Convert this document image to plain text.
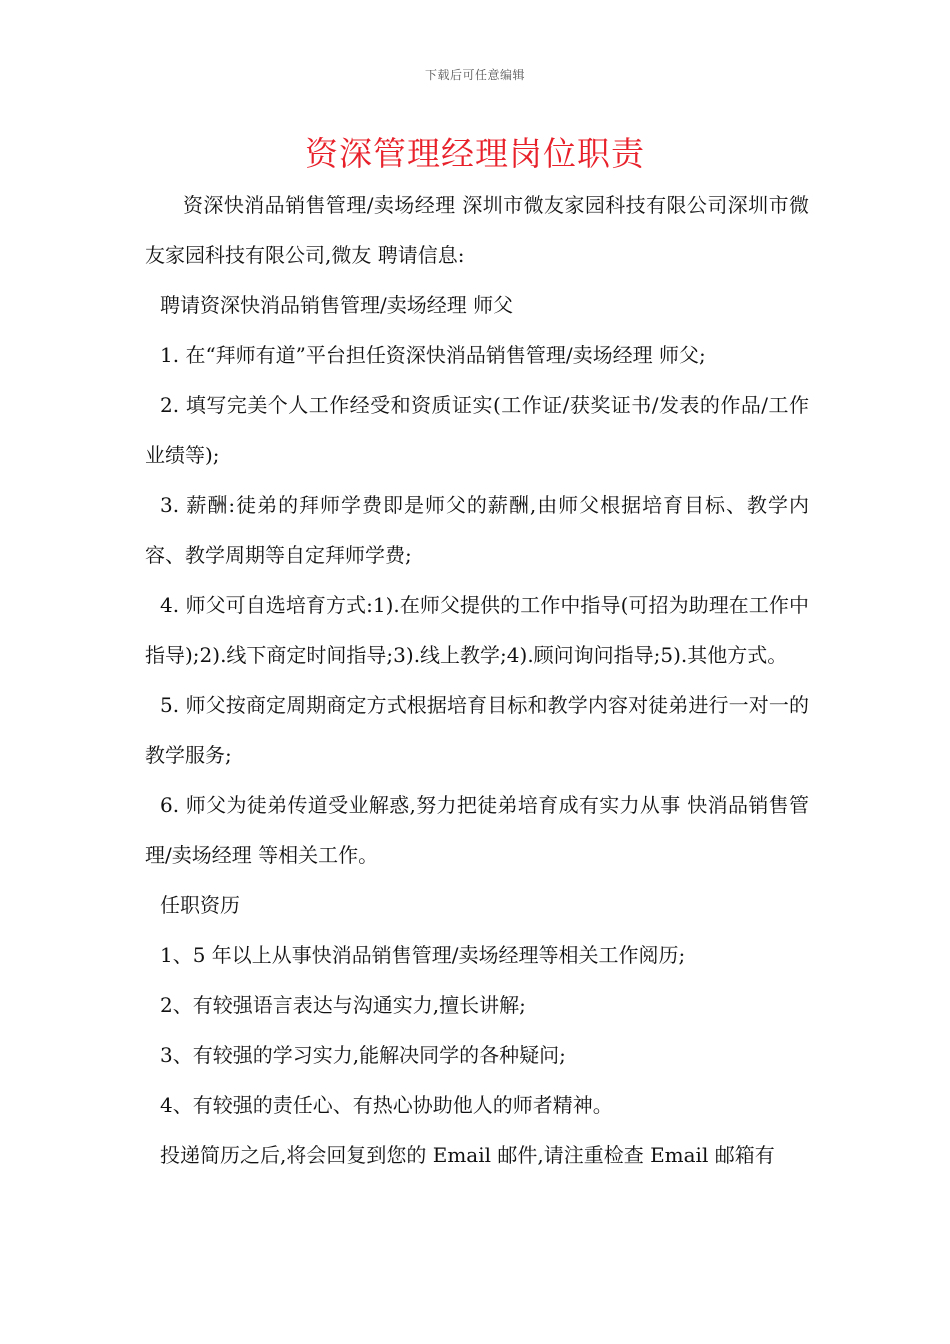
下载后可任意编辑
资深管理经理岗位职责

资深快消品销售管理/卖场经理 深圳市微友家园科技有限公司深圳市微友家园科技有限公司,微友 聘请信息:

聘请资深快消品销售管理/卖场经理 师父

1. 在“拜师有道”平台担任资深快消品销售管理/卖场经理 师父;

2. 填写完美个人工作经受和资质证实(工作证/获奖证书/发表的作品/工作业绩等);

3. 薪酬:徒弟的拜师学费即是师父的薪酬,由师父根据培育目标、教学内容、教学周期等自定拜师学费;

4. 师父可自选培育方式:1).在师父提供的工作中指导(可招为助理在工作中指导);2).线下商定时间指导;3).线上教学;4).顾问询问指导;5).其他方式。

5. 师父按商定周期商定方式根据培育目标和教学内容对徒弟进行一对一的教学服务;

6. 师父为徒弟传道受业解惑,努力把徒弟培育成有实力从事 快消品销售管理/卖场经理 等相关工作。

任职资历

1、5 年以上从事快消品销售管理/卖场经理等相关工作阅历;

2、有较强语言表达与沟通实力,擅长讲解;

3、有较强的学习实力,能解决同学的各种疑问;

4、有较强的责任心、有热心协助他人的师者精神。

投递简历之后,将会回复到您的 Email 邮件,请注重检查 Email 邮箱有
